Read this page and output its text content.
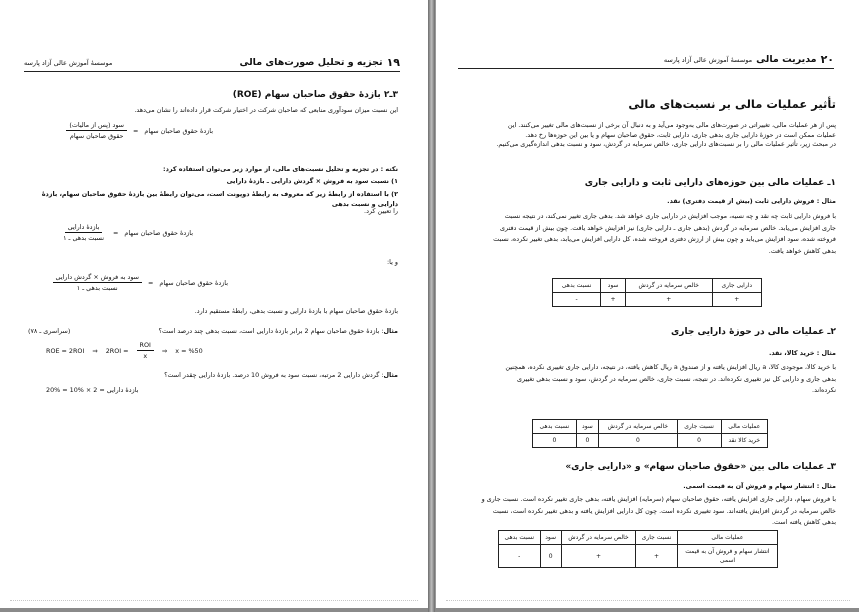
۱۹
تجزیه و تحلیل صورت‌های مالی
موسسهٔ آموزش عالی آزاد پارسه
۳ـ۲ بازدهٔ حقوق صاحبان سهام (ROE)
این نسبت میزان سودآوری منابعی که صاحبان شرکت در اختیار شرکت قرار داده‌اند را نشان می‌دهد.
بازدهٔ حقوق صاحبان سهام
=
$\frac{\text{سود (پس از مالیات)}}{\text{حقوق صاحبان سهام}}$
نکته : در تجزیه و تحلیل نسبت‌های مالی، از موارد زیر می‌توان استفاده کرد:
۱) نسبت سود به فروش × گردش دارایی ـ بازدهٔ دارایی
۲) با استفاده از رابطهٔ زیر که معروف به رابطهٔ دوپونت است، می‌توان رابطهٔ بین بازدهٔ حقوق صاحبان سهام، بازدهٔ دارایی و نسبت بدهی
را تعیین کرد.
بازدهٔ حقوق صاحبان سهام
=
$\frac{\text{بازدهٔ دارایی}}{\text{نسبت بدهی ـ ۱}}$
و یا:
بازدهٔ حقوق صاحبان سهام
=
$\frac{\text{سود به فروش × گردش دارایی}}{\text{نسبت بدهی ـ ۱}}$
بازدهٔ حقوق صاحبان سهام با بازدهٔ دارایی و نسبت بدهی، رابطهٔ مستقیم دارد.
مثال: بازدهٔ حقوق صاحبان سهام 2 برابر بازدهٔ دارایی است، نسبت بدهی چند درصد است؟
(سراسری ـ ۷۸)
ROE = 2ROI ⇒ $2ROI = \frac{\text{ROI}}{x}$ ⇒ x = %50
مثال: گردش دارایی 2 مرتبه، نسبت سود به فروش 10 درصد. بازدهٔ دارایی چقدر است؟
بازدهٔ دارایی = 2 × %10 = %20
۲۰
مدیریت مالی
موسسهٔ آموزش عالی آزاد پارسه
تأثیر عملیات مالی بر نسبت‌های مالی
پس از هر عملیات مالی، تغییراتی در صورت‌های مالی به‌وجود می‌آید و به دنبال آن برخی از نسبت‌های مالی تغییر می‌کنند. این
عملیات ممکن است در حوزهٔ دارایی جاری بدهی جاری، دارایی ثابت، حقوق صاحبان سهام و یا بین این حوزه‌ها رخ دهد.
در مبحث زیر، تأثیر عملیات مالی را بر نسبت‌های دارایی جاری، خالص سرمایه در گردش، سود و نسبت بدهی اندازه‌گیری می‌کنیم.
۱ـ عملیات مالی بین حوزه‌های دارایی ثابت و دارایی جاری
مثال : فروش دارایی ثابت (بیش از قیمت دفتری) نقد.
با فروش دارایی ثابت چه نقد و چه نسیه، موجب افزایش در دارایی جاری خواهد شد. بدهی جاری تغییر نمی‌کند، در نتیجه نسبت
جاری افزایش می‌یابد. خالص سرمایه در گردش (بدهی جاری ـ دارایی جاری) نیز افزایش خواهد یافت. چون بیش از قیمت دفتری
فروخته شده، سود افزایش می‌یابد و چون بیش از ارزش دفتری فروخته شده، کل دارایی افزایش می‌یابد، بدهی تغییر نکرده، نسبت
بدهی کاهش خواهد یافت.
دارایی جاری	خالص سرمایه در گردش	سود	نسبت بدهی
+	+	+	-
۲ـ عملیات مالی در حوزهٔ دارایی جاری
مثال : خرید کالا، نقد.
با خرید کالا، موجودی کالا، a ریال افزایش یافته و از صندوق a ریال کاهش یافته، در نتیجه، دارایی جاری تغییری نکرده، همچنین
بدهی جاری و دارایی کل نیز تغییری نکرده‌اند. در نتیجه، نسبت جاری، خالص سرمایه در گردش، سود و نسبت بدهی تغییری
نکرده‌اند.
عملیات مالی	نسبت جاری	خالص سرمایه در گردش	سود	نسبت بدهی
خرید کالا نقد	0	0	0	0
۳ـ عملیات مالی بین «حقوق صاحبان سهام» و «دارایی جاری»
مثال : انتشار سهام و فروش آن به قیمت اسمی.
با فروش سهام، دارایی جاری افزایش یافته، حقوق صاحبان سهام (سرمایه) افزایش یافته، بدهی جاری تغییر نکرده است. نسبت جاری و
خالص سرمایه در گردش افزایش یافته‌اند. سود تغییری نکرده است. چون کل دارایی افزایش یافته و بدهی تغییر نکرده است، نسبت
بدهی کاهش یافته است.
عملیات مالی	نسبت جاری	خالص سرمایه در گردش	سود	نسبت بدهی

انتشار سهام و فروش آن به قیمت
اسمی	+	+	0	-
